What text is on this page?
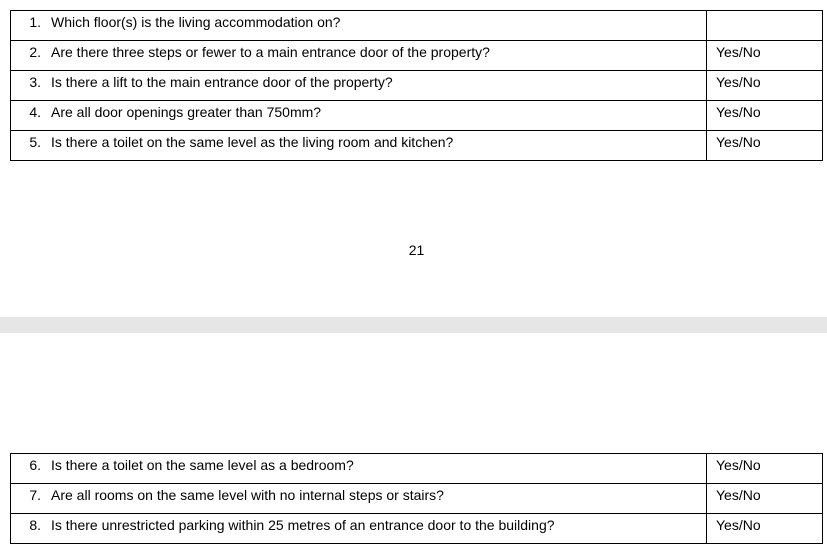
1. Which floor(s) is the living accommodation on?	
2. Are there three steps or fewer to a main entrance door of the property?	Yes/No
3. Is there a lift to the main entrance door of the property?	Yes/No
4. Are all door openings greater than 750mm?	Yes/No
5. Is there a toilet on the same level as the living room and kitchen?	Yes/No
21
6. Is there a toilet on the same level as a bedroom?	Yes/No
7. Are all rooms on the same level with no internal steps or stairs?	Yes/No
8. Is there unrestricted parking within 25 metres of an entrance door to the building?	Yes/No
